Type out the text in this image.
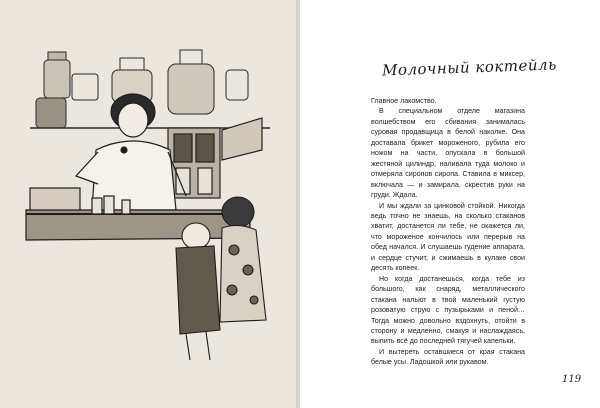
Молочный коктейль

Главное лакомство.

В специальном отделе магазина волшебством его сбивания занималась суровая продавщица в белой наколке. Она доставала брикет мороженого, рубила его ножом на части, опускала в большой жестяной цилиндр, наливала туда молоко и отмеряла сиропов сиропа. Ставила в миксер, включала — и замирала, скрестив руки на груди. Ждала.

И мы ждали за цинковой стойкой. Никогда ведь точно не знаешь, на сколько стаканов хватит, достанется ли тебе, не окажется ли, что мороженое кончилось или перерыв на обед начался. И слушаешь гудение аппарата, и сердце стучит, и сжимаешь в кулаке свои десять копеек.

Но когда достанешься, когда тебе из большого, как снаряд, металлического стакана нальют в твой маленький густую розоватую струю с пузырьками и пеной… Тогда можно довольно вздохнуть, отойти в сторону и медленно, смакуя и наслаждаясь, выпить всё до последней тягучей капельки.

И вытереть оставшиеся от края стакана белые усы. Ладошкой или рукавом.

119
